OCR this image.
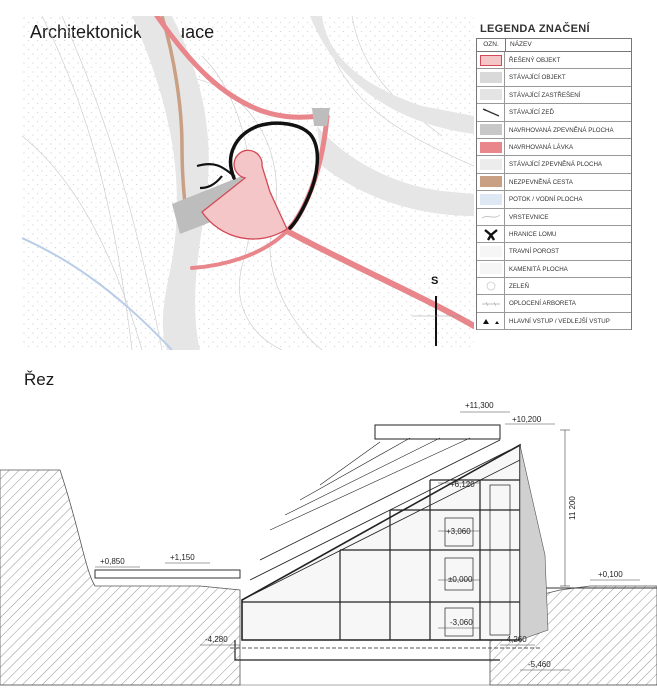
S
LEGENDA ZNAČENÍ
OZN.	NÁZEV
ŘEŠENÝ OBJEKT
STÁVAJÍCÍ OBJEKT
STÁVAJÍCÍ ZASTŘEŠENÍ
STÁVAJÍCÍ ZEĎ
NAVRHOVANÁ ZPEVNĚNÁ PLOCHA
NAVRHOVANÁ LÁVKA
STÁVAJÍCÍ ZPEVNĚNÁ PLOCHA
NEZPEVNĚNÁ CESTA
POTOK / VODNÍ PLOCHA
VRSTEVNICE
HRANICE LOMU
TRAVNÍ POROST
KAMENITÁ PLOCHA
ZELEŇ
OPLOCENÍ ARBORETA
HLAVNÍ VSTUP / VEDLEJŠÍ VSTUP
Řez
+11,300
+10,200
+6,120
+3,060
±0,000
-3,060
+0,850	+1,150
+0,100
-4,280	-4,260
-5,460
11 200
